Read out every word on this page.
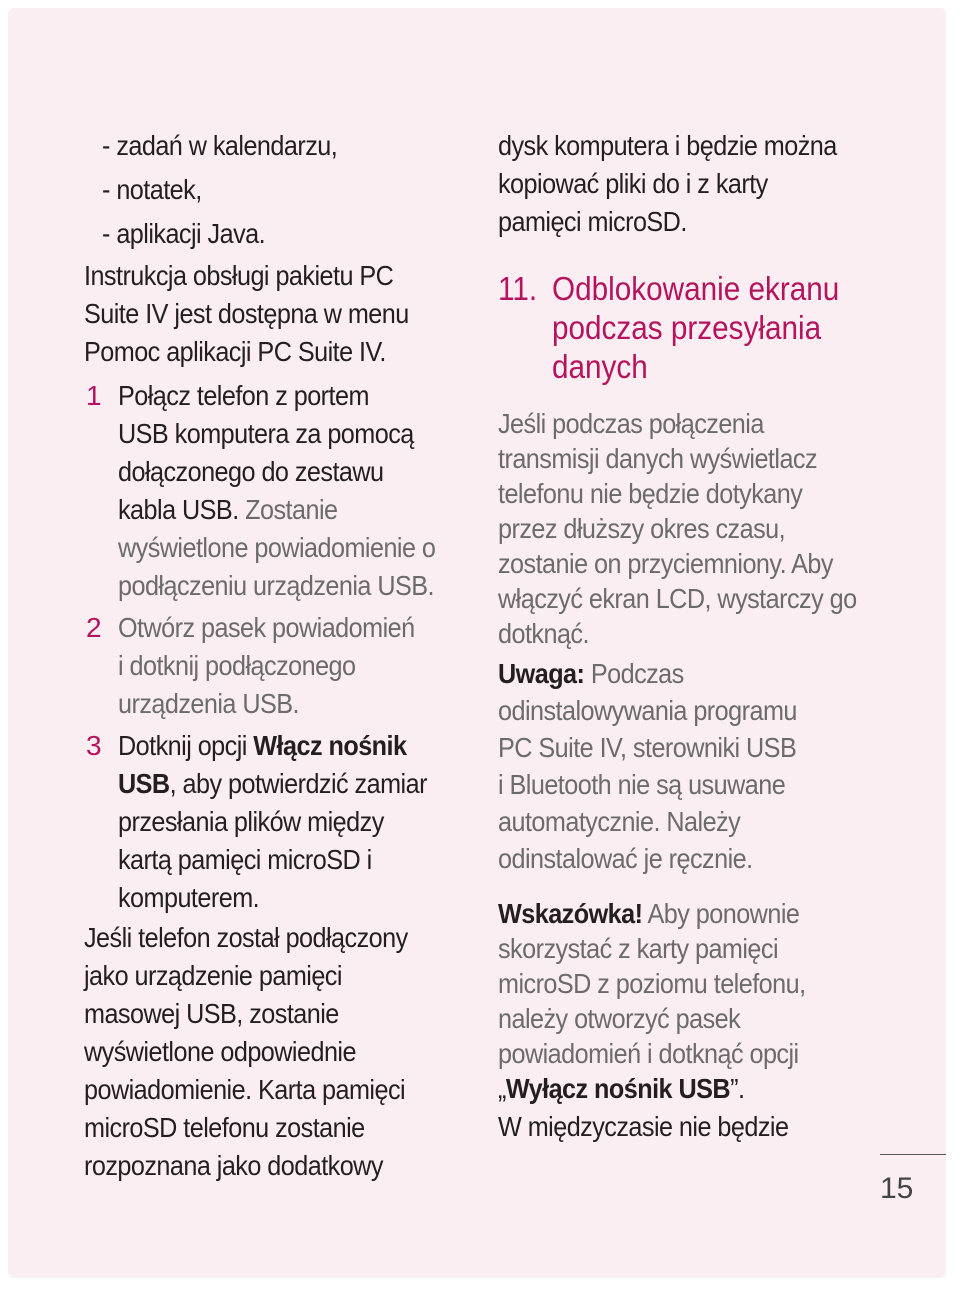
- zadań w kalendarzu,
- notatek,
- aplikacji Java.
Instrukcja obsługi pakietu PC
Suite IV jest dostępna w menu
Pomoc aplikacji PC Suite IV.
1 Połącz telefon z portem
USB komputera za pomocą
dołączonego do zestawu
kabla USB. Zostanie
wyświetlone powiadomienie o
podłączeniu urządzenia USB.
2 Otwórz pasek powiadomień
i dotknij podłączonego
urządzenia USB.
3 Dotknij opcji Włącz nośnik
USB, aby potwierdzić zamiar
przesłania plików między
kartą pamięci microSD i
komputerem.
Jeśli telefon został podłączony
jako urządzenie pamięci
masowej USB, zostanie
wyświetlone odpowiednie
powiadomienie. Karta pamięci
microSD telefonu zostanie
rozpoznana jako dodatkowy
dysk komputera i będzie można
kopiować pliki do i z karty
pamięci microSD.
11. Odblokowanie ekranu
podczas przesyłania
danych
Jeśli podczas połączenia
transmisji danych wyświetlacz
telefonu nie będzie dotykany
przez dłuższy okres czasu,
zostanie on przyciemniony. Aby
włączyć ekran LCD, wystarczy go
dotknąć.
Uwaga: Podczas
odinstalowywania programu
PC Suite IV, sterowniki USB
i Bluetooth nie są usuwane
automatycznie. Należy
odinstalować je ręcznie.
Wskazówka! Aby ponownie
skorzystać z karty pamięci
microSD z poziomu telefonu,
należy otworzyć pasek
powiadomień i dotknąć opcji
„Wyłącz nośnik USB”.
W międzyczasie nie będzie
15
